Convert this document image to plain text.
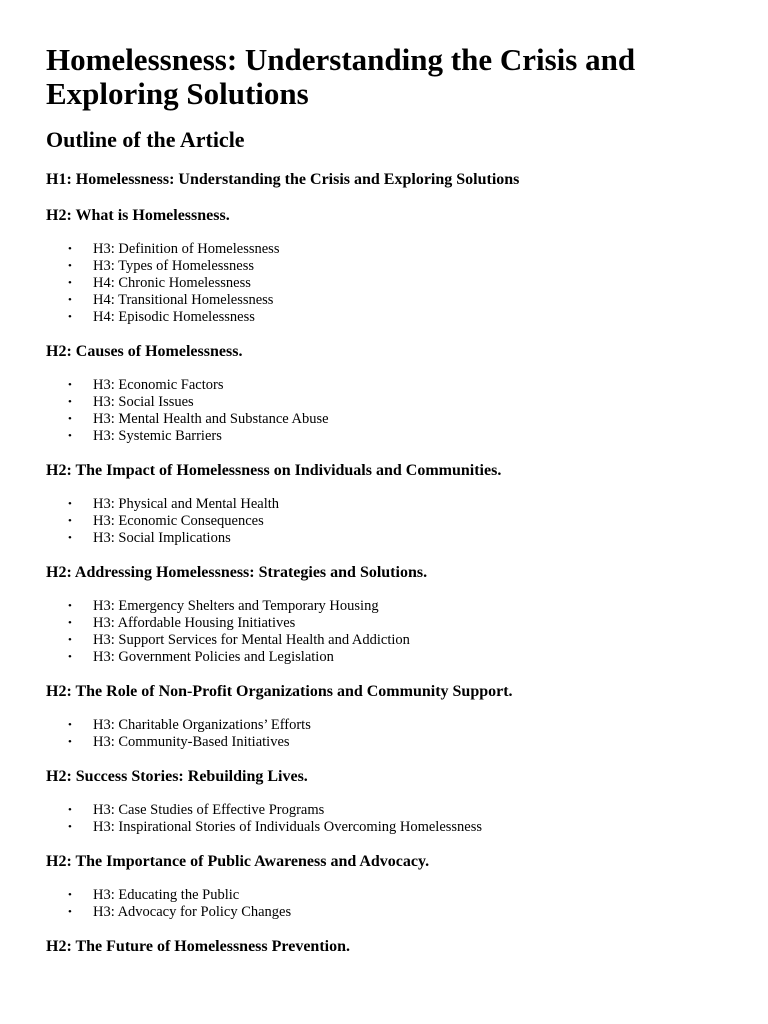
Homelessness: Understanding the Crisis and Exploring Solutions
Outline of the Article
H1: Homelessness: Understanding the Crisis and Exploring Solutions
H2: What is Homelessness.
• H3: Definition of Homelessness
• H3: Types of Homelessness
• H4: Chronic Homelessness
• H4: Transitional Homelessness
• H4: Episodic Homelessness
H2: Causes of Homelessness.
• H3: Economic Factors
• H3: Social Issues
• H3: Mental Health and Substance Abuse
• H3: Systemic Barriers
H2: The Impact of Homelessness on Individuals and Communities.
• H3: Physical and Mental Health
• H3: Economic Consequences
• H3: Social Implications
H2: Addressing Homelessness: Strategies and Solutions.
• H3: Emergency Shelters and Temporary Housing
• H3: Affordable Housing Initiatives
• H3: Support Services for Mental Health and Addiction
• H3: Government Policies and Legislation
H2: The Role of Non-Profit Organizations and Community Support.
• H3: Charitable Organizations’ Efforts
• H3: Community-Based Initiatives
H2: Success Stories: Rebuilding Lives.
• H3: Case Studies of Effective Programs
• H3: Inspirational Stories of Individuals Overcoming Homelessness
H2: The Importance of Public Awareness and Advocacy.
• H3: Educating the Public
• H3: Advocacy for Policy Changes
H2: The Future of Homelessness Prevention.
